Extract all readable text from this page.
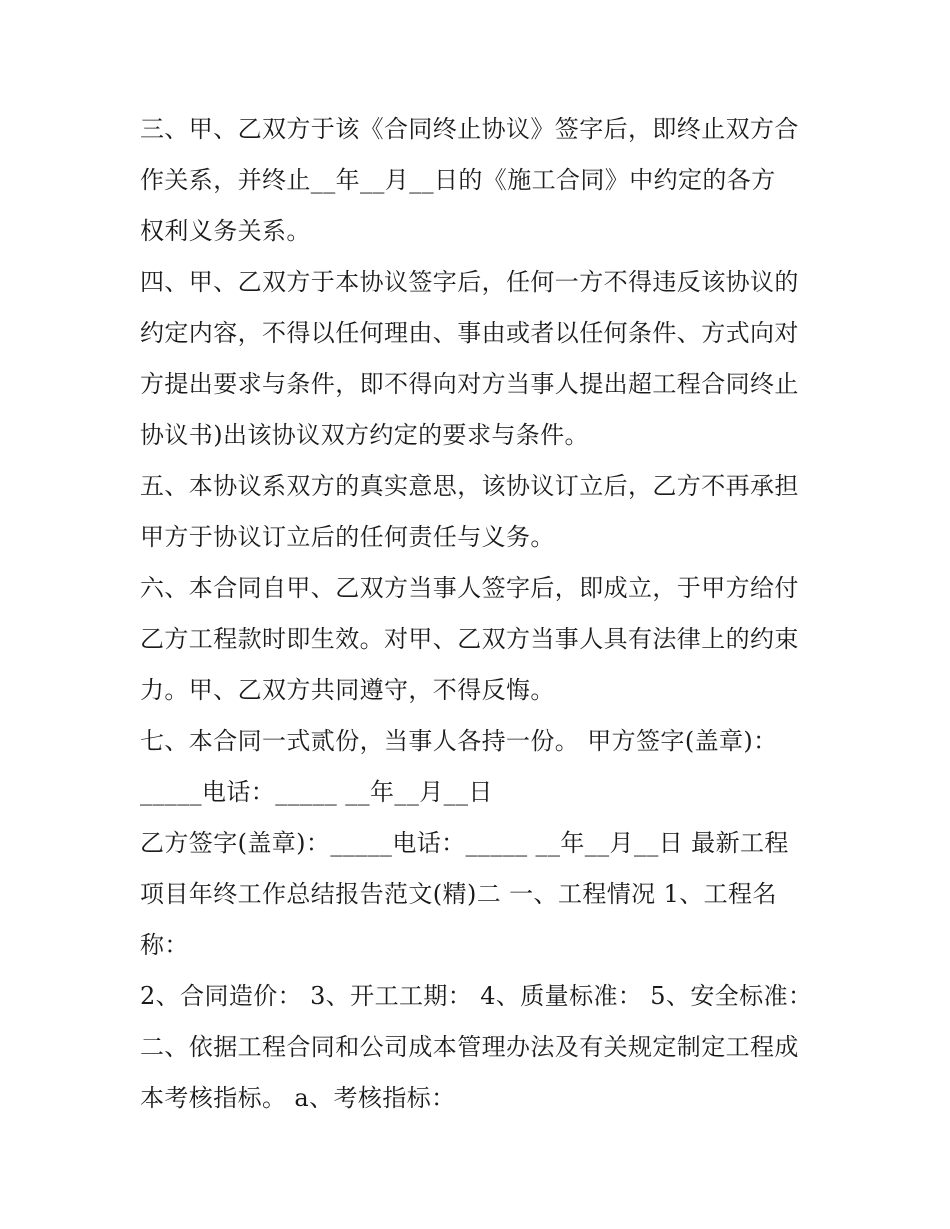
三、甲、乙双方于该《合同终止协议》签字后，即终止双方合
作关系，并终止__年__月__日的《施工合同》中约定的各方
权利义务关系。
四、甲、乙双方于本协议签字后，任何一方不得违反该协议的
约定内容，不得以任何理由、事由或者以任何条件、方式向对
方提出要求与条件，即不得向对方当事人提出超工程合同终止
协议书)出该协议双方约定的要求与条件。
五、本协议系双方的真实意思，该协议订立后，乙方不再承担
甲方于协议订立后的任何责任与义务。
六、本合同自甲、乙双方当事人签字后，即成立，于甲方给付
乙方工程款时即生效。对甲、乙双方当事人具有法律上的约束
力。甲、乙双方共同遵守，不得反悔。
七、本合同一式贰份，当事人各持一份。 甲方签字(盖章)：
_____电话：_____ __年__月__日
乙方签字(盖章)：_____电话：_____ __年__月__日 最新工程
项目年终工作总结报告范文(精)二 一、工程情况 1、工程名
称：
2、合同造价： 3、开工工期： 4、质量标准： 5、安全标准：
二、依据工程合同和公司成本管理办法及有关规定制定工程成
本考核指标。 a、考核指标：
